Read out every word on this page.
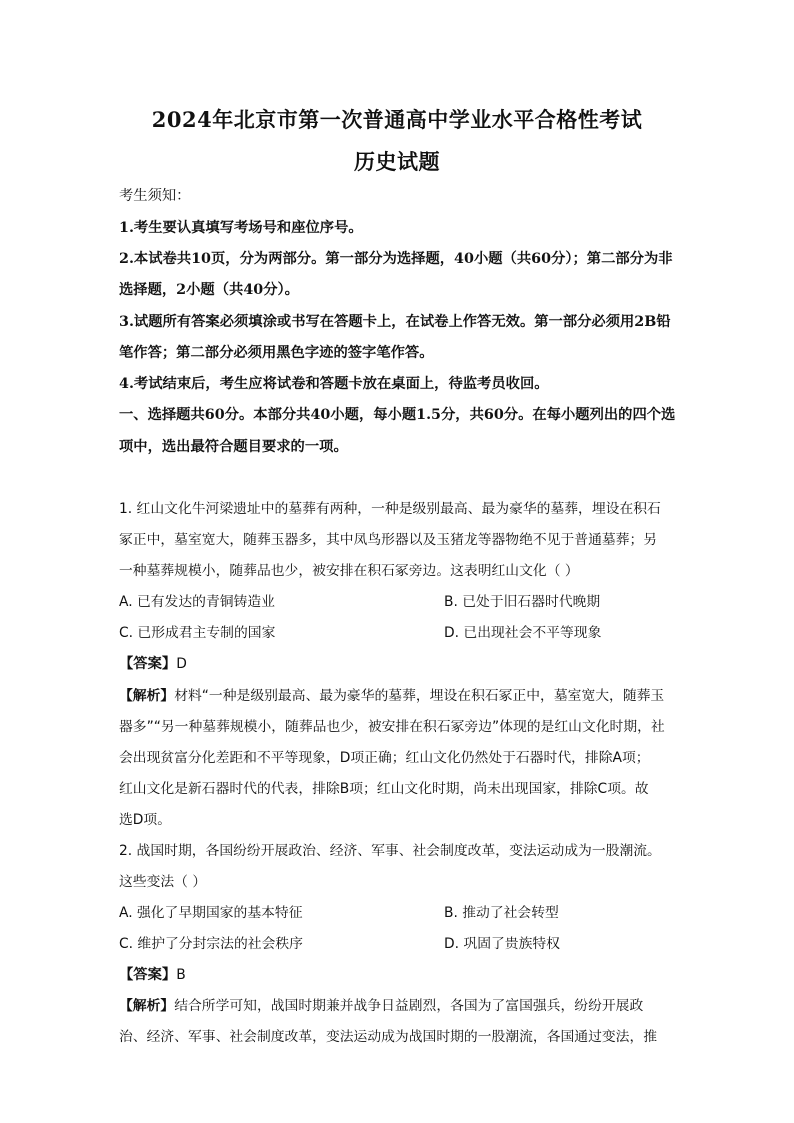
2024年北京市第一次普通高中学业水平合格性考试
历史试题
考生须知：
1.考生要认真填写考场号和座位序号。
2.本试卷共10页，分为两部分。第一部分为选择题，40小题（共60分）；第二部分为非
选择题，2小题（共40分）。
3.试题所有答案必须填涂或书写在答题卡上，在试卷上作答无效。第一部分必须用2B铅
笔作答；第二部分必须用黑色字迹的签字笔作答。
4.考试结束后，考生应将试卷和答题卡放在桌面上，待监考员收回。
一、选择题共60分。本部分共40小题，每小题1.5分，共60分。在每小题列出的四个选
项中，选出最符合题目要求的一项。
1. 红山文化牛河梁遗址中的墓葬有两种，一种是级别最高、最为豪华的墓葬，埋设在积石
冢正中，墓室宽大，随葬玉器多，其中凤鸟形器以及玉猪龙等器物绝不见于普通墓葬；另
一种墓葬规模小，随葬品也少，被安排在积石冢旁边。这表明红山文化（ ）
A. 已有发达的青铜铸造业	B. 已处于旧石器时代晚期
C. 已形成君主专制的国家	D. 已出现社会不平等现象
【答案】D
【解析】材料“一种是级别最高、最为豪华的墓葬，埋设在积石冢正中，墓室宽大，随葬玉
器多”“另一种墓葬规模小，随葬品也少，被安排在积石冢旁边”体现的是红山文化时期，社
会出现贫富分化差距和不平等现象，D项正确；红山文化仍然处于石器时代，排除A项；
红山文化是新石器时代的代表，排除B项；红山文化时期，尚未出现国家，排除C项。故
选D项。
2. 战国时期，各国纷纷开展政治、经济、军事、社会制度改革，变法运动成为一股潮流。
这些变法（ ）
A. 强化了早期国家的基本特征	B. 推动了社会转型
C. 维护了分封宗法的社会秩序	D. 巩固了贵族特权
【答案】B
【解析】结合所学可知，战国时期兼并战争日益剧烈，各国为了富国强兵，纷纷开展政
治、经济、军事、社会制度改革，变法运动成为战国时期的一股潮流，各国通过变法，推
